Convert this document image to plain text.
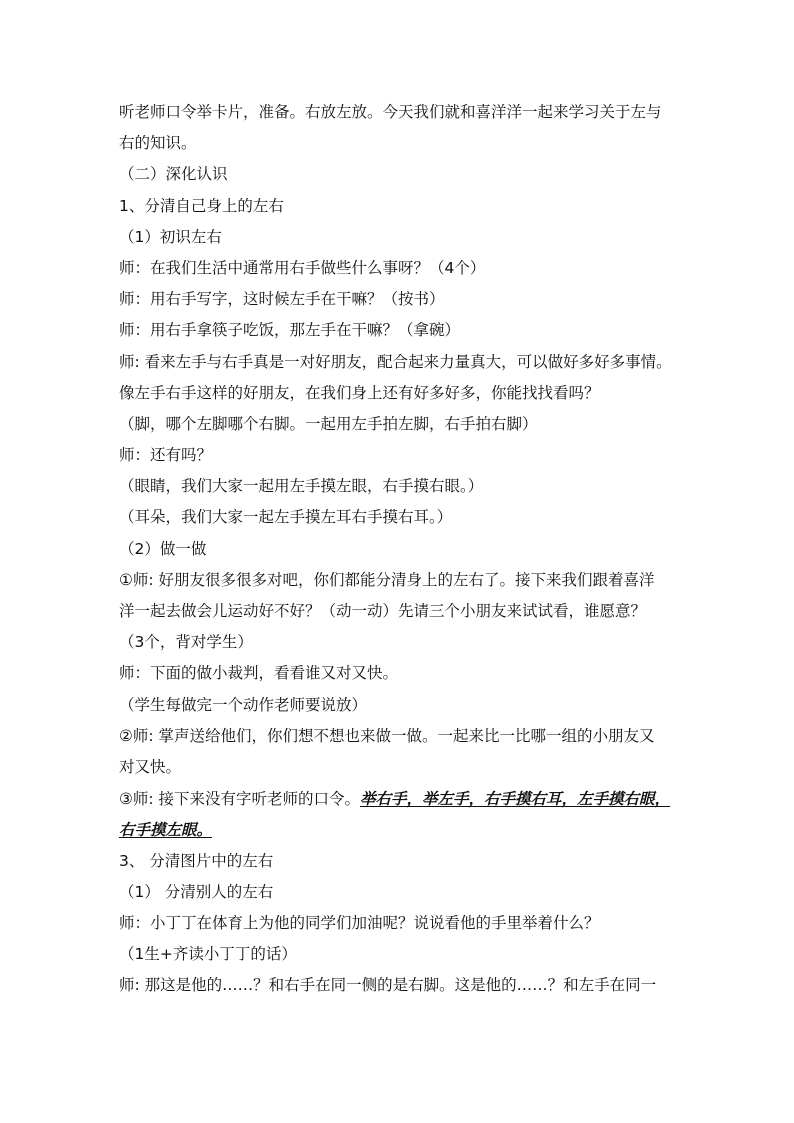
听老师口令举卡片，准备。右放左放。今天我们就和喜洋洋一起来学习关于左与

右的知识。

（二）深化认识

1、分清自己身上的左右

（1）初识左右

师：在我们生活中通常用右手做些什么事呀？（4个）

师：用右手写字，这时候左手在干嘛？（按书）

师：用右手拿筷子吃饭，那左手在干嘛？（拿碗）

师: 看来左手与右手真是一对好朋友，配合起来力量真大，可以做好多好多事情。

像左手右手这样的好朋友，在我们身上还有好多好多，你能找找看吗？

（脚，哪个左脚哪个右脚。一起用左手拍左脚，右手拍右脚）

师：还有吗？

（眼睛，我们大家一起用左手摸左眼，右手摸右眼。）

（耳朵，我们大家一起左手摸左耳右手摸右耳。）

（2）做一做

①师: 好朋友很多很多对吧，你们都能分清身上的左右了。接下来我们跟着喜洋

洋一起去做会儿运动好不好？（动一动）先请三个小朋友来试试看，谁愿意？

（3个，背对学生）

师：下面的做小裁判，看看谁又对又快。

（学生每做完一个动作老师要说放）

②师: 掌声送给他们，你们想不想也来做一做。一起来比一比哪一组的小朋友又

对又快。

③师: 接下来没有字听老师的口令。举右手，举左手，右手摸右耳，左手摸右眼，

右手摸左眼。

3、 分清图片中的左右

（1） 分清别人的左右

师：小丁丁在体育上为他的同学们加油呢？说说看他的手里举着什么？

（1生+齐读小丁丁的话）

师: 那这是他的……？和右手在同一侧的是右脚。这是他的……？和左手在同一
